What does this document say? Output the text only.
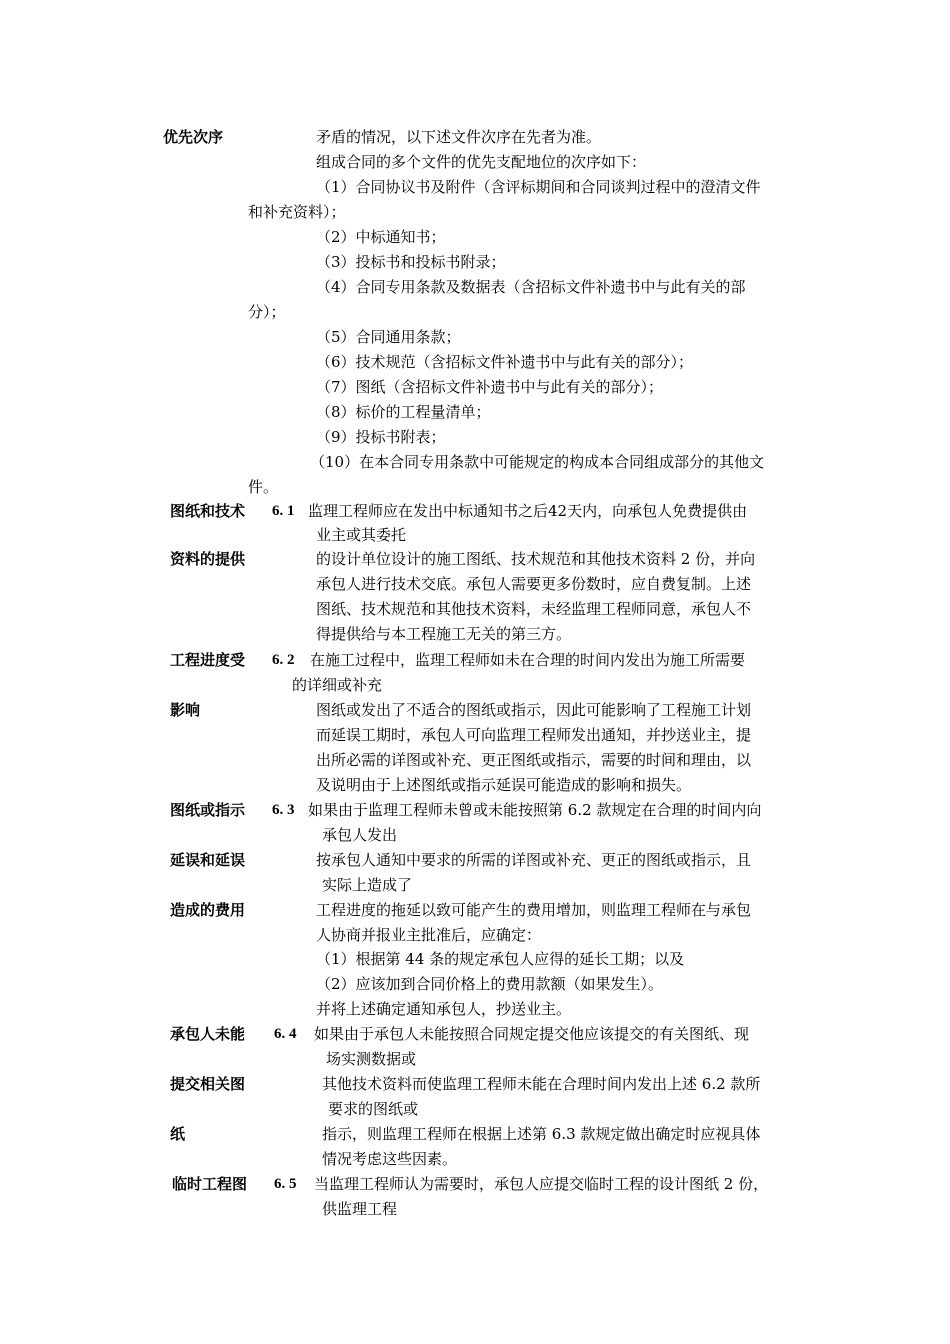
优先次序	矛盾的情况，以下述文件次序在先者为准。
组成合同的多个文件的优先支配地位的次序如下：
（1）合同协议书及附件（含评标期间和合同谈判过程中的澄清文件
和补充资料）；
（2）中标通知书；
（3）投标书和投标书附录；
（4）合同专用条款及数据表（含招标文件补遗书中与此有关的部
分）；
（5）合同通用条款；
（6）技术规范（含招标文件补遗书中与此有关的部分）；
（7）图纸（含招标文件补遗书中与此有关的部分）；
（8）标价的工程量清单；
（9）投标书附表；
（10）在本合同专用条款中可能规定的构成本合同组成部分的其他文
件。
图纸和技术
资料的提供
6. 1 监理工程师应在发出中标通知书之后42天内，向承包人免费提供由
业主或其委托
的设计单位设计的施工图纸、技术规范和其他技术资料 2 份，并向
承包人进行技术交底。承包人需要更多份数时，应自费复制。上述
图纸、技术规范和其他技术资料，未经监理工程师同意，承包人不
得提供给与本工程施工无关的第三方。
工程进度受
影响
6. 2 在施工过程中，监理工程师如未在合理的时间内发出为施工所需要
的详细或补充
图纸或发出了不适合的图纸或指示，因此可能影响了工程施工计划
而延误工期时，承包人可向监理工程师发出通知，并抄送业主，提
出所必需的详图或补充、更正图纸或指示，需要的时间和理由，以
及说明由于上述图纸或指示延误可能造成的影响和损失。
图纸或指示
延误和延误
造成的费用
6. 3 如果由于监理工程师未曾或未能按照第 6.2 款规定在合理的时间内向
承包人发出
按承包人通知中要求的所需的详图或补充、更正的图纸或指示，且
实际上造成了
工程进度的拖延以致可能产生的费用增加，则监理工程师在与承包
人协商并报业主批准后，应确定：
（1）根据第 44 条的规定承包人应得的延长工期；以及
（2）应该加到合同价格上的费用款额（如果发生）。
并将上述确定通知承包人，抄送业主。
承包人未能
提交相关图
纸
6. 4 如果由于承包人未能按照合同规定提交他应该提交的有关图纸、现
场实测数据或
其他技术资料而使监理工程师未能在合理时间内发出上述 6.2 款所
要求的图纸或
指示，则监理工程师在根据上述第 6.3 款规定做出确定时应视具体
情况考虑这些因素。
临时工程图 6. 5 当监理工程师认为需要时，承包人应提交临时工程的设计图纸 2 份，
供监理工程
